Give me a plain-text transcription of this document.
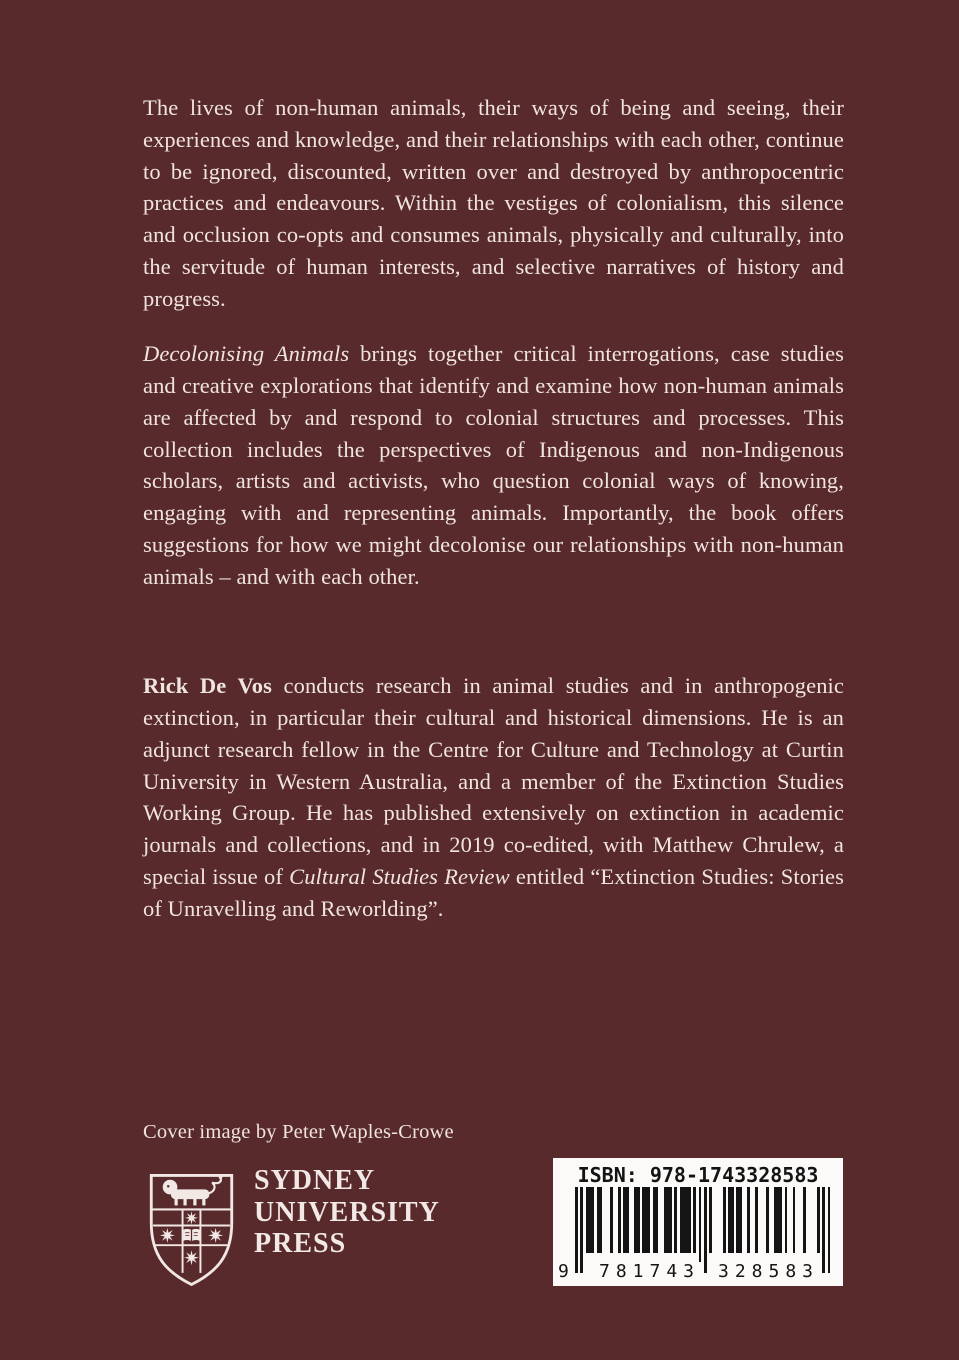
The lives of non-human animals, their ways of being and seeing, their experiences and knowledge, and their relationships with each other, continue to be ignored, discounted, written over and destroyed by anthropocentric practices and endeavours. Within the vestiges of colonialism, this silence and occlusion co-opts and consumes animals, physically and culturally, into the servitude of human interests, and selective narratives of history and progress.

Decolonising Animals brings together critical interrogations, case studies and creative explorations that identify and examine how non-human animals are affected by and respond to colonial structures and processes. This collection includes the perspectives of Indigenous and non-Indigenous scholars, artists and activists, who question colonial ways of knowing, engaging with and representing animals. Importantly, the book offers suggestions for how we might decolonise our relationships with non-human animals – and with each other.

Rick De Vos conducts research in animal studies and in anthropogenic extinction, in particular their cultural and historical dimensions. He is an adjunct research fellow in the Centre for Culture and Technology at Curtin University in Western Australia, and a member of the Extinction Studies Working Group. He has published extensively on extinction in academic journals and collections, and in 2019 co-edited, with Matthew Chrulew, a special issue of Cultural Studies Review entitled “Extinction Studies: Stories of Unravelling and Reworlding”.

Cover image by Peter Waples-Crowe
SYDNEY
UNIVERSITY
PRESS
ISBN: 978-1743328583
9 781743 328583
